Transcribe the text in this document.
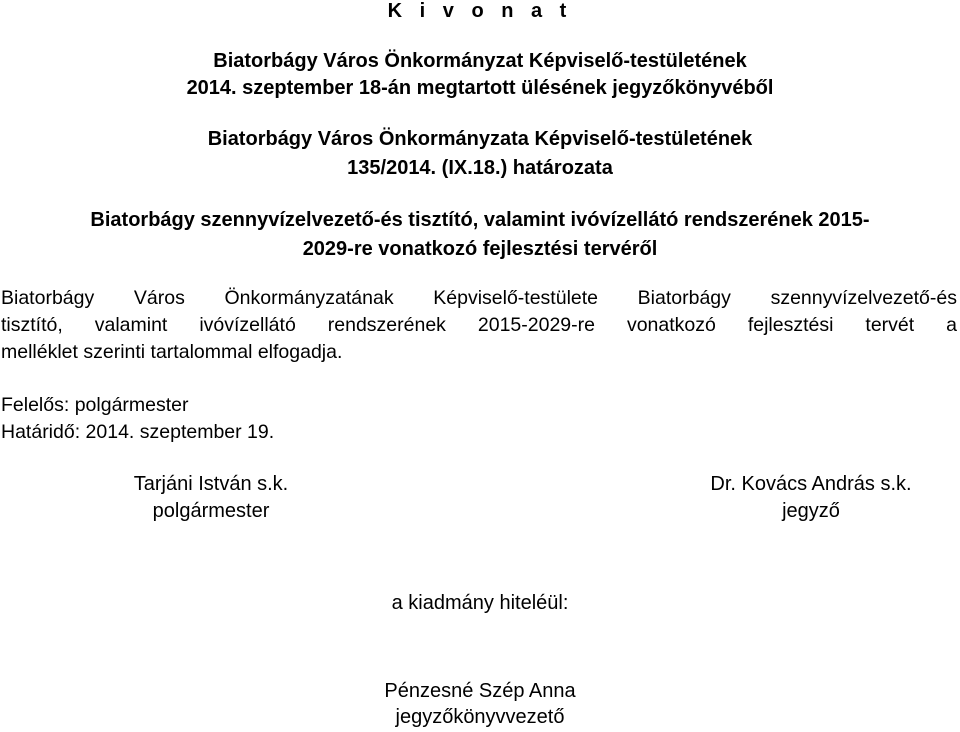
K i v o n a t
Biatorbágy Város Önkormányzat Képviselő-testületének
2014. szeptember 18-án megtartott ülésének jegyzőkönyvéből
Biatorbágy Város Önkormányzata Képviselő-testületének
135/2014. (IX.18.) határozata
Biatorbágy szennyvízelvezető-és tisztító, valamint ivóvízellátó rendszerének 2015-
2029-re vonatkozó fejlesztési tervéről
Biatorbágy Város Önkormányzatának Képviselő-testülete Biatorbágy szennyvízelvezető-és
tisztító, valamint ivóvízellátó rendszerének 2015-2029-re vonatkozó fejlesztési tervét a
melléklet szerinti tartalommal elfogadja.
Felelős: polgármester
Határidő: 2014. szeptember 19.
Tarjáni István s.k.
polgármester
Dr. Kovács András s.k.
jegyző
a kiadmány hiteléül:
Pénzesné Szép Anna
jegyzőkönyvvezető
